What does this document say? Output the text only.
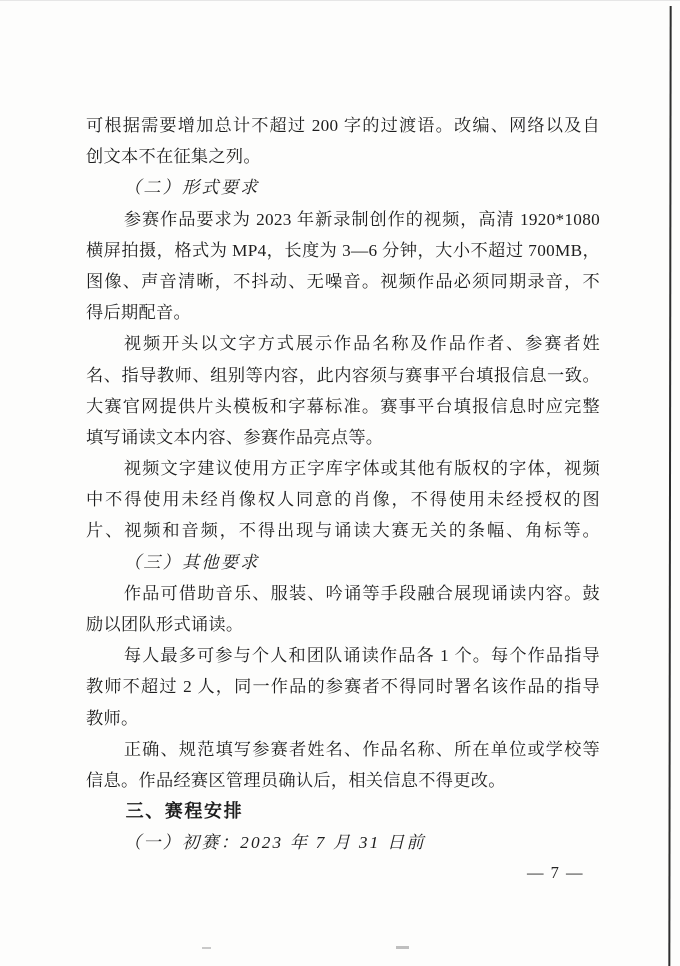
可根据需要增加总计不超过 200 字的过渡语。改编、网络以及自
创文本不在征集之列。
（二）形式要求
参赛作品要求为 2023 年新录制创作的视频，高清 1920*1080
横屏拍摄，格式为 MP4，长度为 3—6 分钟，大小不超过 700MB，
图像、声音清晰，不抖动、无噪音。视频作品必须同期录音，不
得后期配音。
视频开头以文字方式展示作品名称及作品作者、参赛者姓
名、指导教师、组别等内容，此内容须与赛事平台填报信息一致。
大赛官网提供片头模板和字幕标准。赛事平台填报信息时应完整
填写诵读文本内容、参赛作品亮点等。
视频文字建议使用方正字库字体或其他有版权的字体，视频
中不得使用未经肖像权人同意的肖像，不得使用未经授权的图
片、视频和音频，不得出现与诵读大赛无关的条幅、角标等。
（三）其他要求
作品可借助音乐、服装、吟诵等手段融合展现诵读内容。鼓
励以团队形式诵读。
每人最多可参与个人和团队诵读作品各 1 个。每个作品指导
教师不超过 2 人，同一作品的参赛者不得同时署名该作品的指导
教师。
正确、规范填写参赛者姓名、作品名称、所在单位或学校等
信息。作品经赛区管理员确认后，相关信息不得更改。
三、赛程安排
（一）初赛：2023 年 7 月 31 日前
— 7 —
